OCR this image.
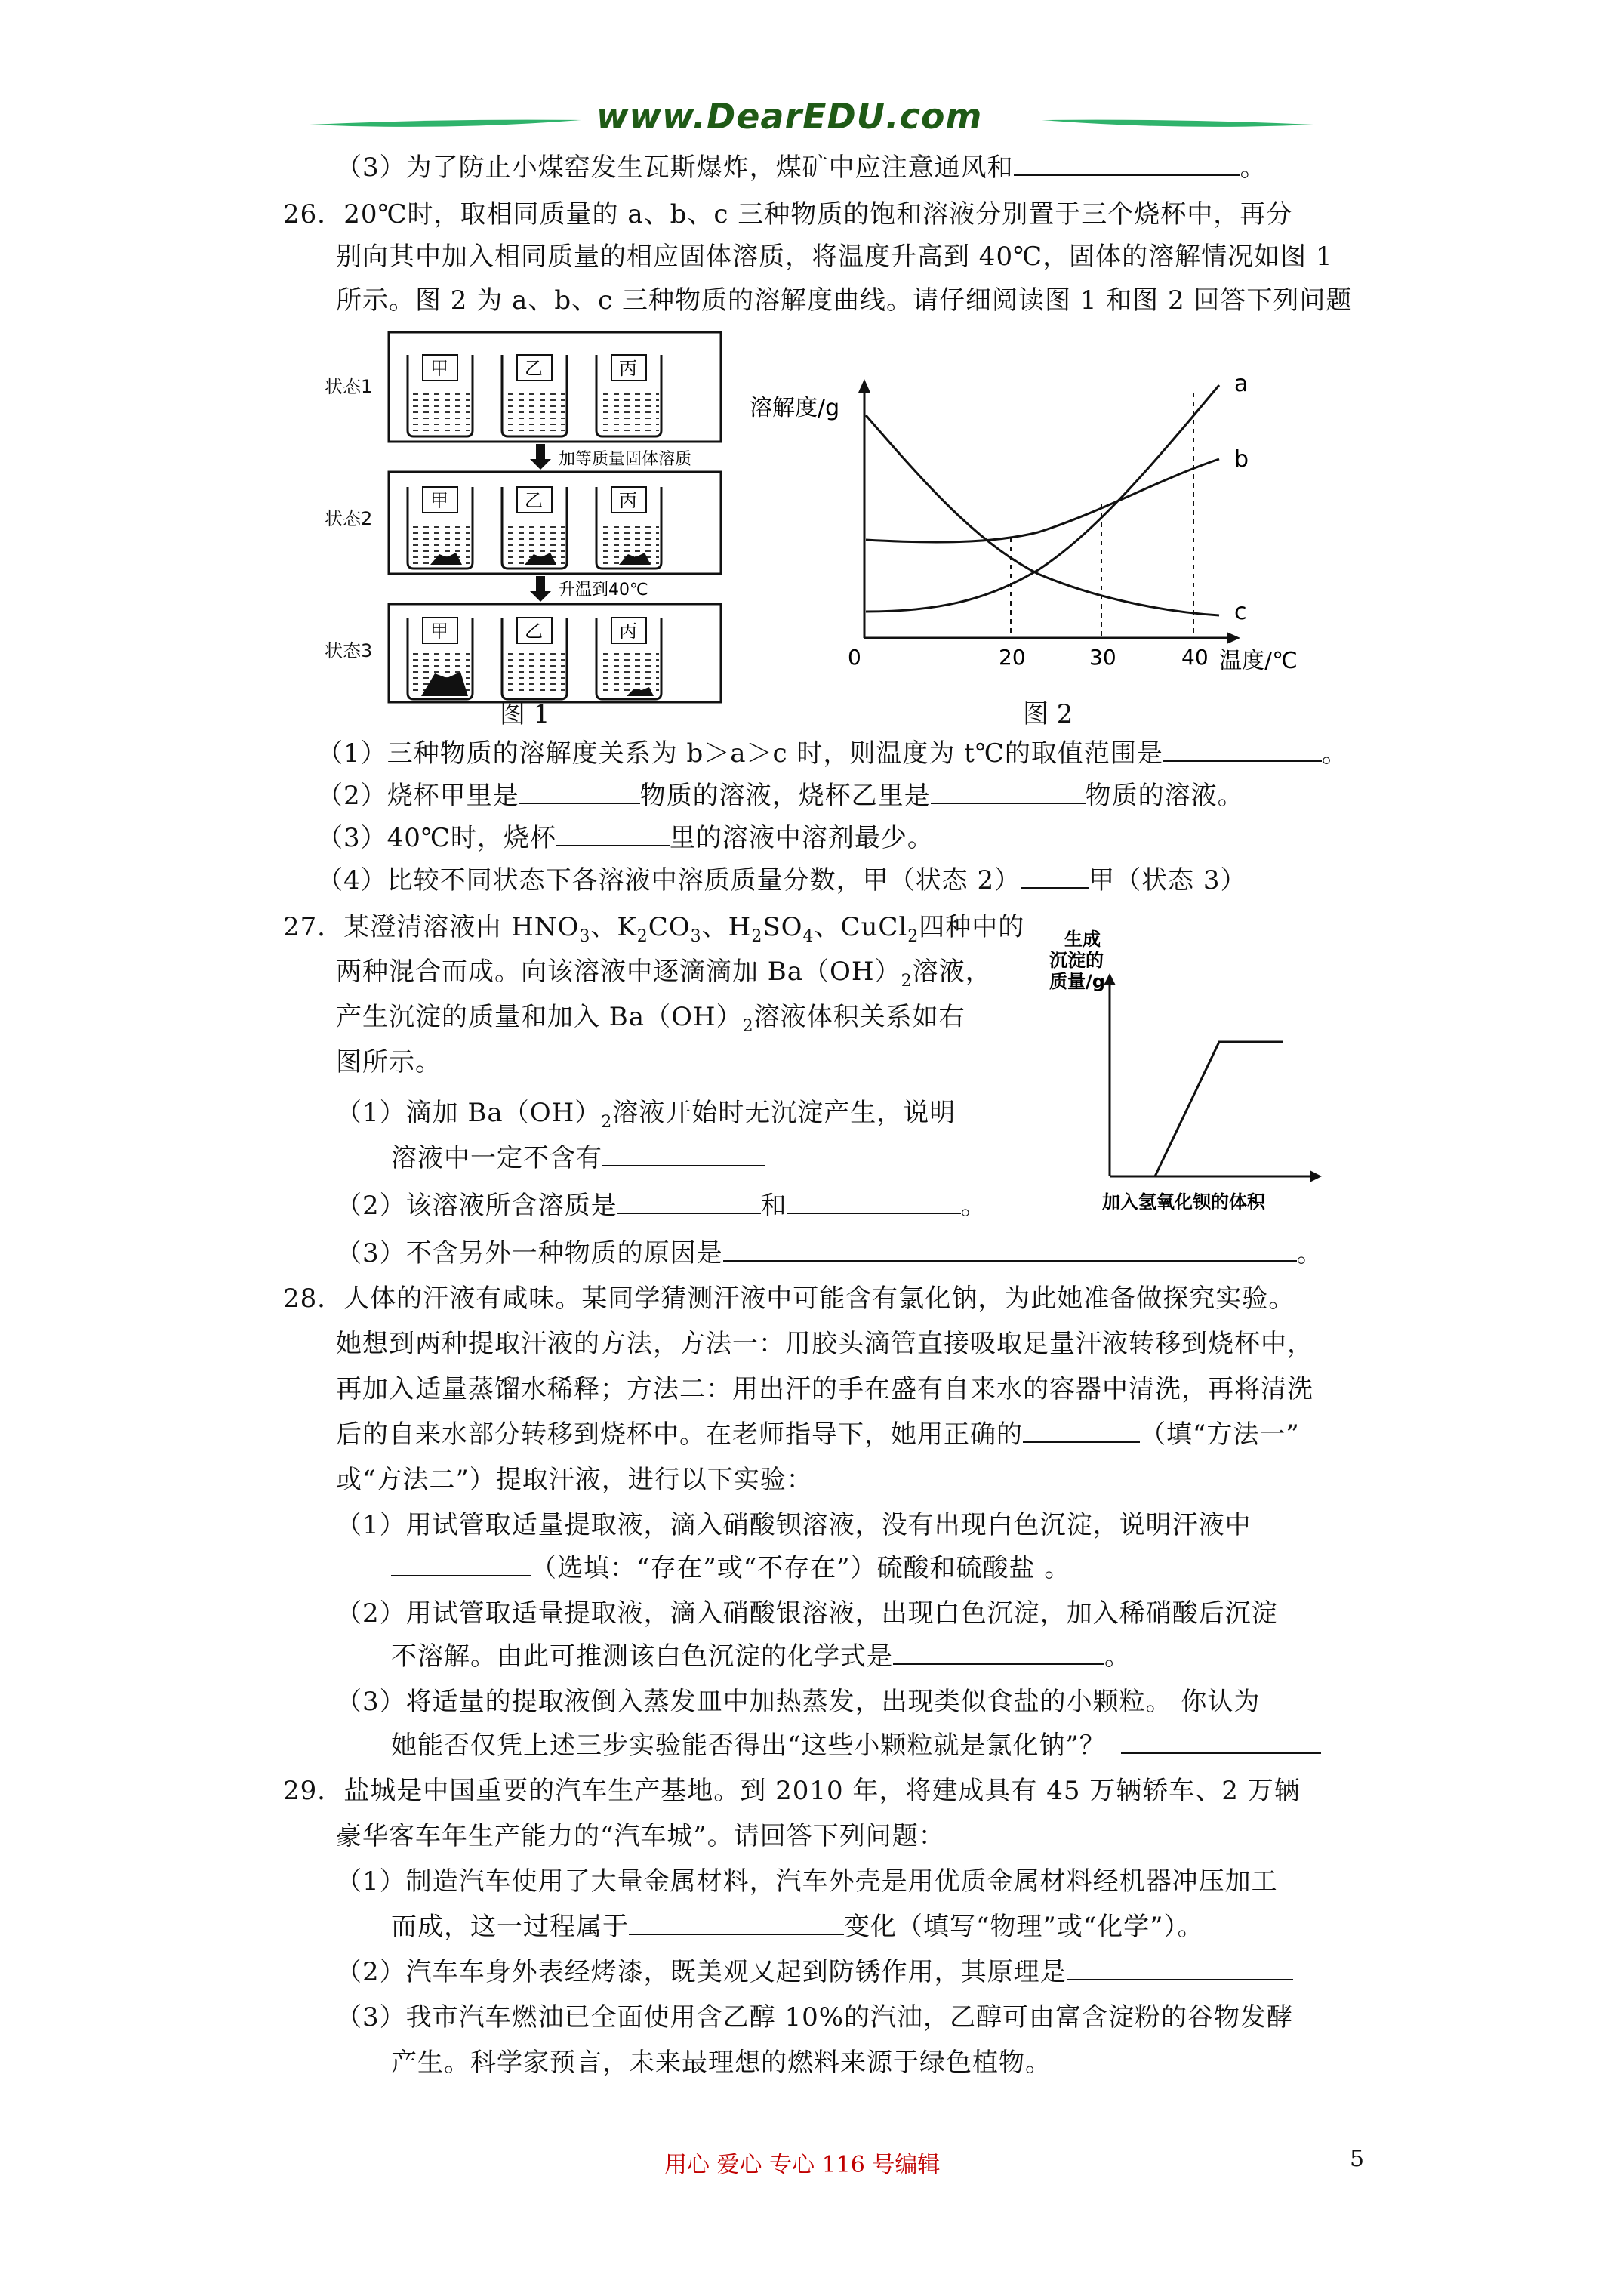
www.DearEDU.com
（3）为了防止小煤窑发生瓦斯爆炸，煤矿中应注意通风和	。
26．20℃时，取相同质量的 a、b、c 三种物质的饱和溶液分别置于三个烧杯中，再分
别向其中加入相同质量的相应固体溶质，将温度升高到 40℃，固体的溶解情况如图 1
所示。图 2 为 a、b、c 三种物质的溶解度曲线。请仔细阅读图 1 和图 2 回答下列问题
状态1
甲	乙	丙
加等质量固体溶质
状态2
甲	乙	丙
升温到40℃
状态3
甲	乙	丙
图 1
溶解度/g
温度/℃
0	20	30	40
a
b
c
图 2
（1）三种物质的溶解度关系为 b＞a＞c 时，则温度为 t℃的取值范围是	。
（2）烧杯甲里是	物质的溶液，烧杯乙里是	物质的溶液。
（3）40℃时，烧杯	里的溶液中溶剂最少。
（4）比较不同状态下各溶液中溶质质量分数，甲（状态 2）	甲（状态 3）
27．某澄清溶液由 $HNO_3$、$K_2CO_3$、$H_2SO_4$、CuCl$_2$四种中的
两种混合而成。向该溶液中逐滴滴加 $Ba(OH)_2$溶液，
产生沉淀的质量和加入 $Ba(OH)_2$溶液体积关系如右
图所示。
（1）滴加 $Ba(OH)_2$溶液开始时无沉淀产生，说明
溶液中一定不含有
（2）该溶液所含溶质是	和	。
（3）不含另外一种物质的原因是	。
生成
沉淀的
质量/g
加入氢氧化钡的体积
28．人体的汗液有咸味。某同学猜测汗液中可能含有氯化钠，为此她准备做探究实验。
她想到两种提取汗液的方法，方法一：用胶头滴管直接吸取足量汗液转移到烧杯中，
再加入适量蒸馏水稀释；方法二：用出汗的手在盛有自来水的容器中清洗，再将清洗
后的自来水部分转移到烧杯中。在老师指导下，她用正确的	（填“方法一”
或“方法二”）提取汗液，进行以下实验：
（1）用试管取适量提取液，滴入硝酸钡溶液，没有出现白色沉淀，说明汗液中
（选填：“存在”或“不存在”）硫酸和硫酸盐 。
（2）用试管取适量提取液，滴入硝酸银溶液，出现白色沉淀，加入稀硝酸后沉淀
不溶解。由此可推测该白色沉淀的化学式是	。
（3）将适量的提取液倒入蒸发皿中加热蒸发，出现类似食盐的小颗粒。 你认为
她能否仅凭上述三步实验能否得出“这些小颗粒就是氯化钠”？
29．盐城是中国重要的汽车生产基地。到 2010 年，将建成具有 45 万辆轿车、2 万辆
豪华客车年生产能力的“汽车城”。请回答下列问题：
（1）制造汽车使用了大量金属材料，汽车外壳是用优质金属材料经机器冲压加工
而成，这一过程属于	变化（填写“物理”或“化学”）。
（2）汽车车身外表经烤漆，既美观又起到防锈作用，其原理是
（3）我市汽车燃油已全面使用含乙醇 10%的汽油，乙醇可由富含淀粉的谷物发酵
产生。科学家预言，未来最理想的燃料来源于绿色植物。
用心 爱心 专心 116 号编辑	5
